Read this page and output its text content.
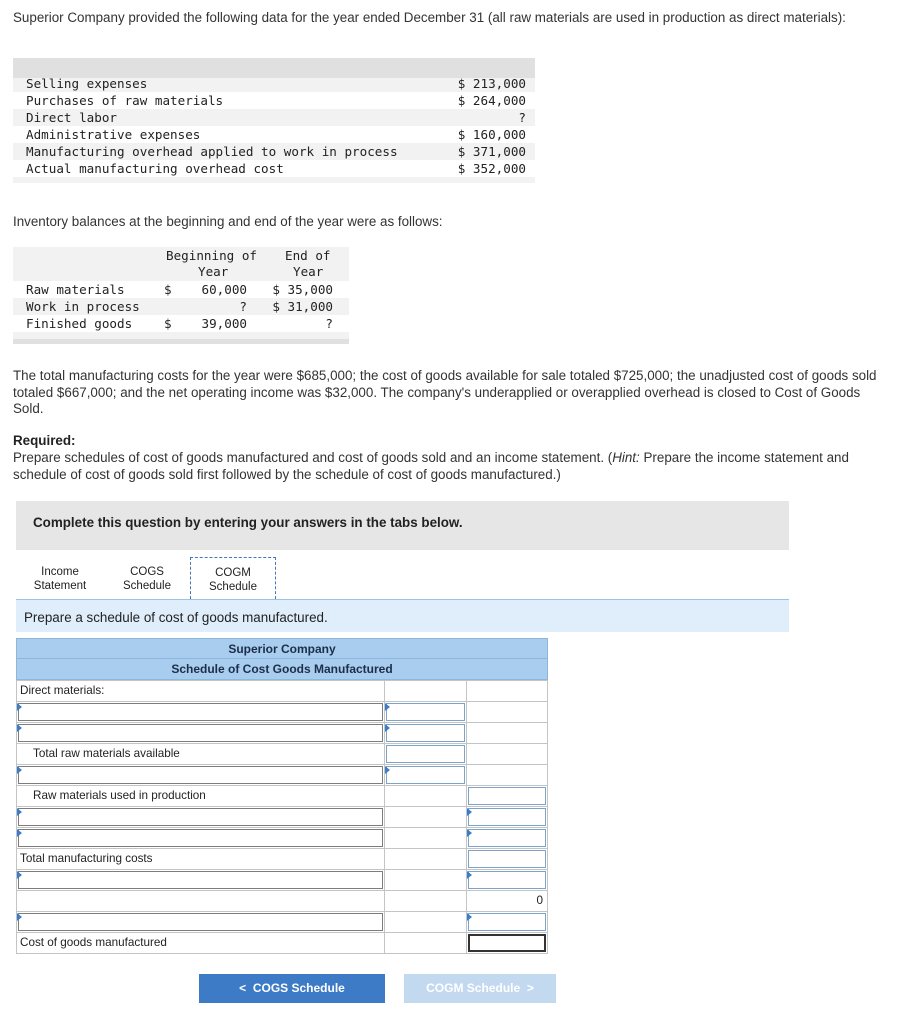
Superior Company provided the following data for the year ended December 31 (all raw materials are used in production as direct materials):

Selling expenses	$ 213,000
Purchases of raw materials	$ 264,000
Direct labor	?
Administrative expenses	$ 160,000
Manufacturing overhead applied to work in process	$ 371,000
Actual manufacturing overhead cost	$ 352,000

Inventory balances at the beginning and end of the year were as follows:

Beginning of End of
Year	Year
Raw materials	$ 60,000 $ 35,000
Work in process	? $ 31,000
Finished goods	$ 39,000	?

The total manufacturing costs for the year were $685,000; the cost of goods available for sale totaled $725,000; the unadjusted cost of goods sold totaled $667,000; and the net operating income was $32,000. The company's underapplied or overapplied overhead is closed to Cost of Goods Sold.

Required:

Prepare schedules of cost of goods manufactured and cost of goods sold and an income statement. (Hint: Prepare the income statement and schedule of cost of goods sold first followed by the schedule of cost of goods manufactured.)

Complete this question by entering your answers in the tabs below.
Income
Statement
COGS
Schedule
COGM
Schedule
Prepare a schedule of cost of goods manufactured.
Superior Company
Schedule of Cost Goods Manufactured
Direct materials:		

Total raw materials available		

Raw materials used in production		

Total manufacturing costs		

		0

Cost of goods manufactured		

< COGS Schedule	COGM Schedule >
